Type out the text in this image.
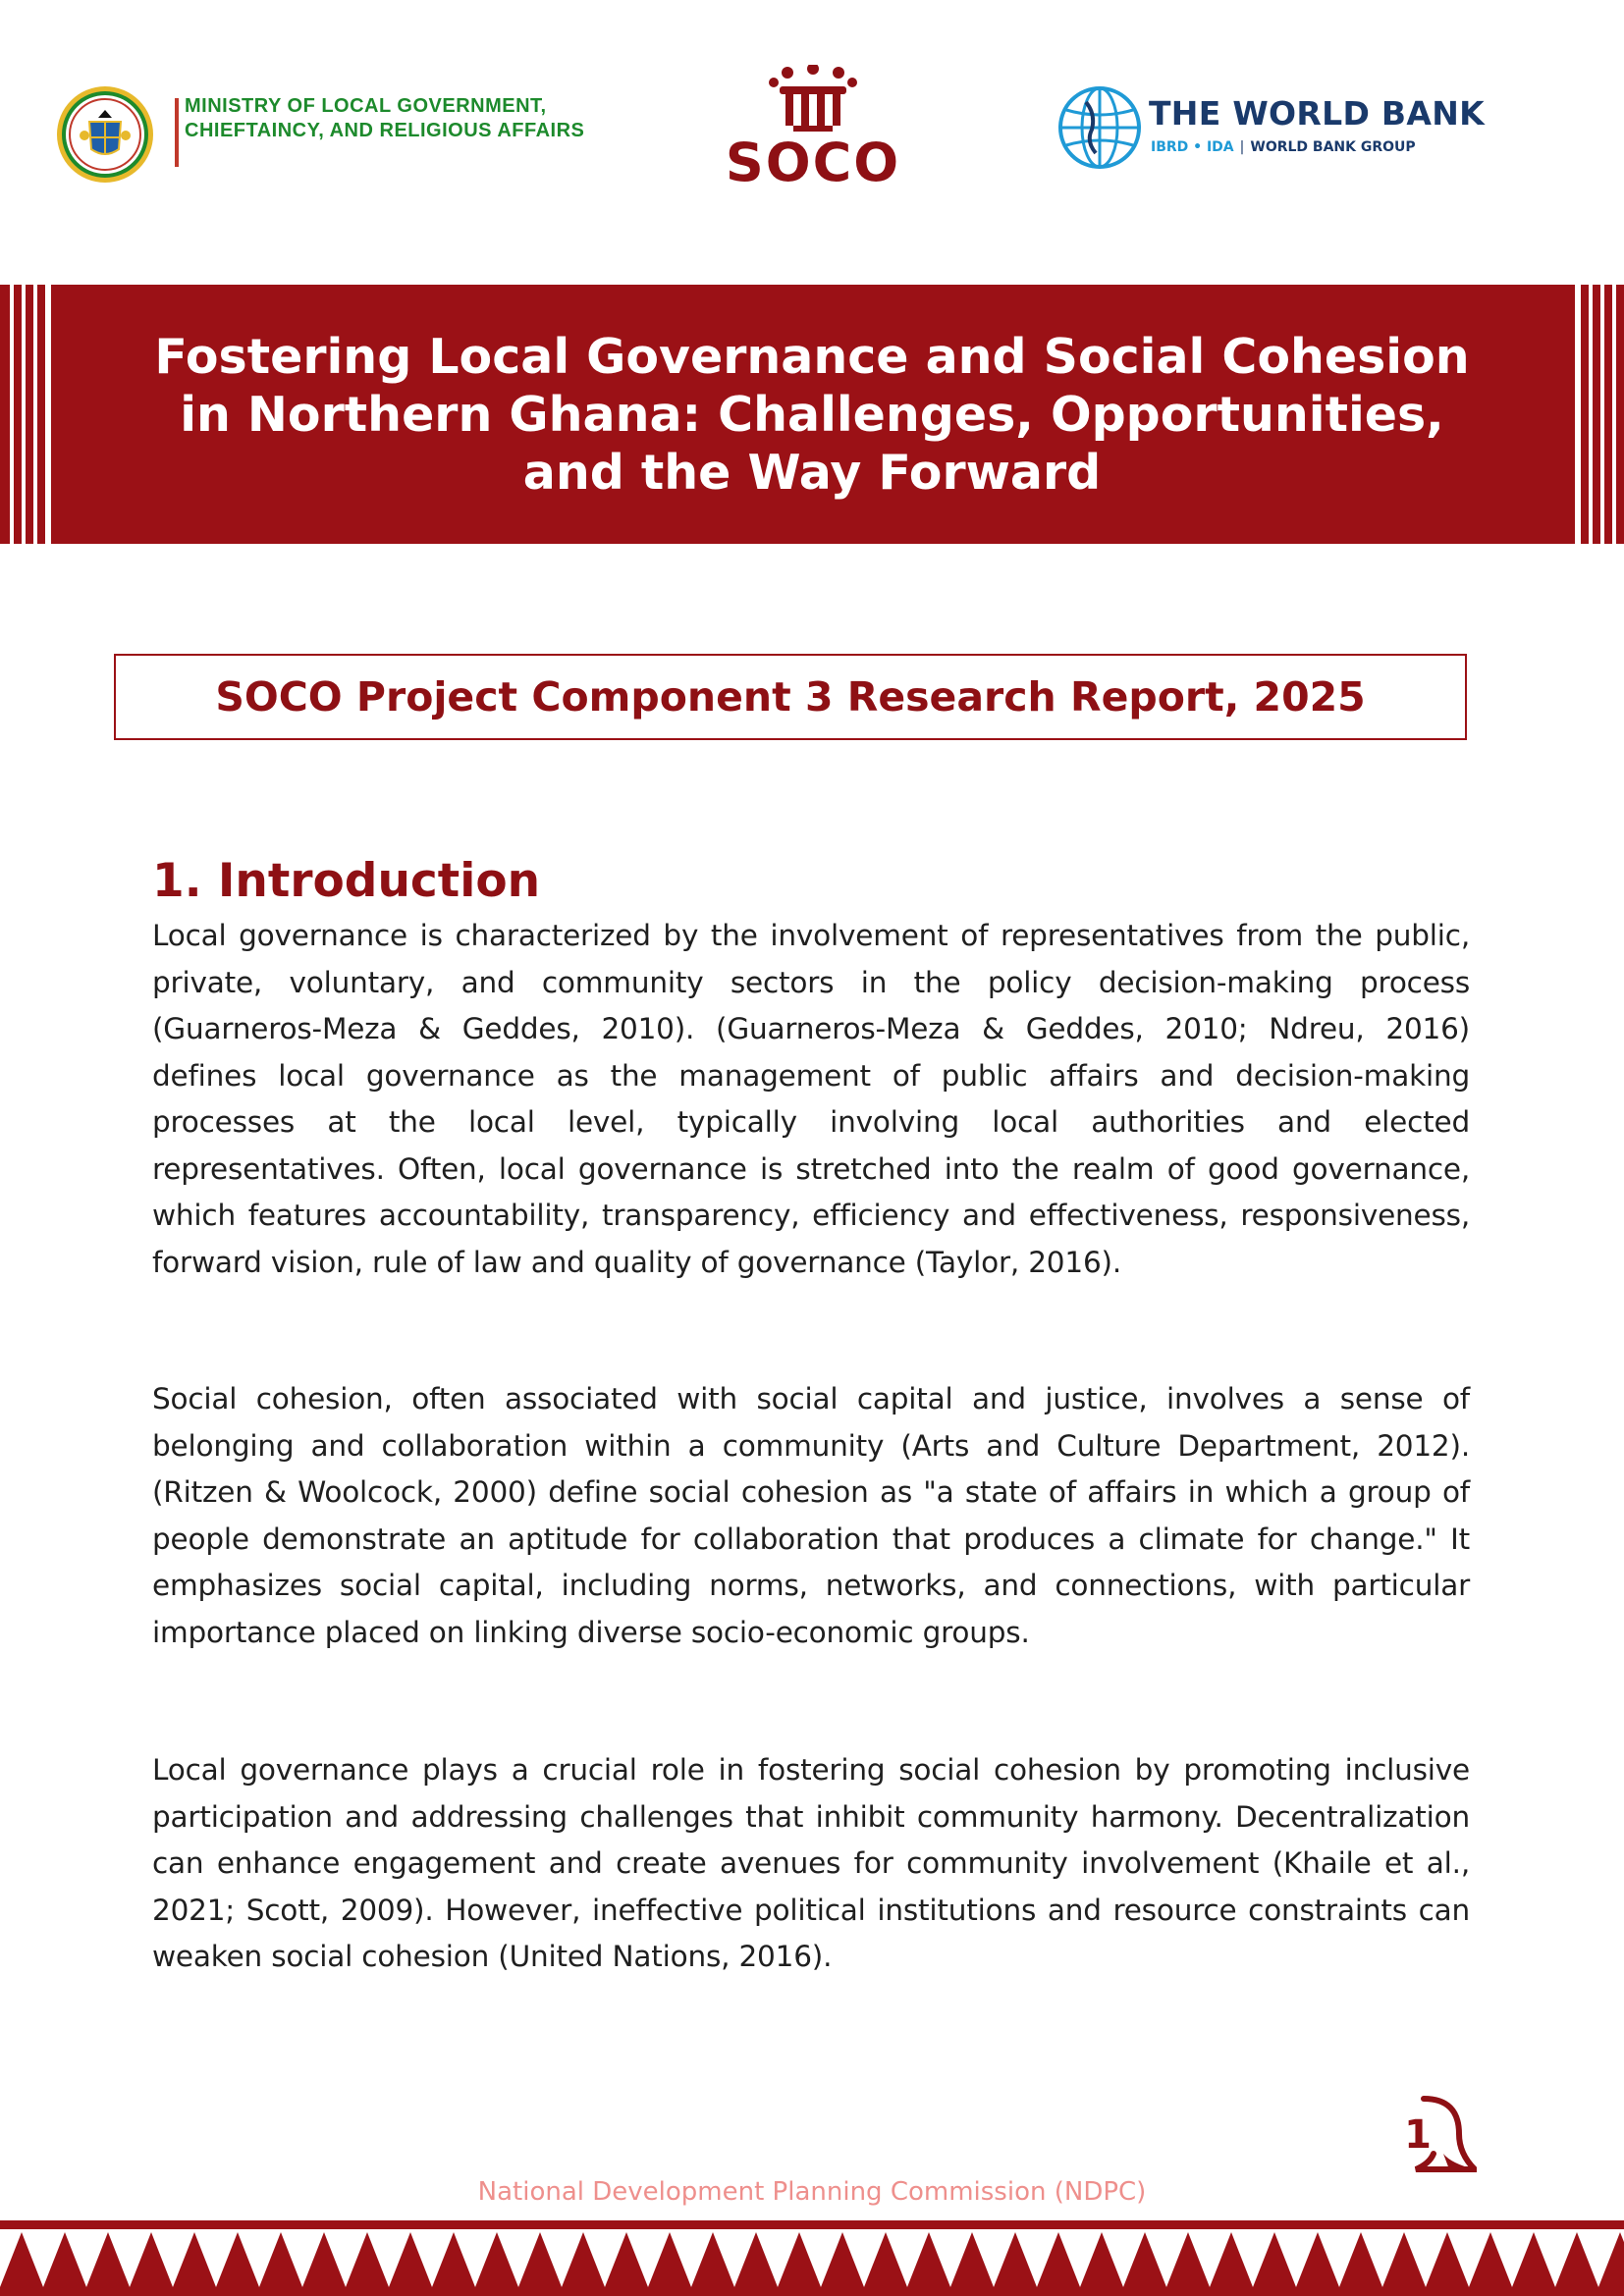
MINISTRY OF LOCAL GOVERNMENT, CHIEFTAINCY, AND RELIGIOUS AFFAIRS
SOCO
THE WORLD BANK
IBRD • IDA | WORLD BANK GROUP
Fostering Local Governance and Social Cohesion in Northern Ghana: Challenges, Opportunities, and the Way Forward
SOCO Project Component 3 Research Report, 2025
1. Introduction

Local governance is characterized by the involvement of representatives from the public, private, voluntary, and community sectors in the policy decision-making process (Guarneros-Meza & Geddes, 2010). (Guarneros-Meza & Geddes, 2010; Ndreu, 2016) defines local governance as the management of public affairs and decision-making processes at the local level, typically involving local authorities and elected representatives. Often, local governance is stretched into the realm of good governance, which features accountability, transparency, efficiency and effectiveness, responsiveness, forward vision, rule of law and quality of governance (Taylor, 2016).

Social cohesion, often associated with social capital and justice, involves a sense of belonging and collaboration within a community (Arts and Culture Department, 2012). (Ritzen & Woolcock, 2000) define social cohesion as "a state of affairs in which a group of people demonstrate an aptitude for collaboration that produces a climate for change." It emphasizes social capital, including norms, networks, and connections, with particular importance placed on linking diverse socio-economic groups.

Local governance plays a crucial role in fostering social cohesion by promoting inclusive participation and addressing challenges that inhibit community harmony. Decentralization can enhance engagement and create avenues for community involvement (Khaile et al., 2021; Scott, 2009). However, ineffective political institutions and resource constraints can weaken social cohesion (United Nations, 2016).

1
National Development Planning Commission (NDPC)
